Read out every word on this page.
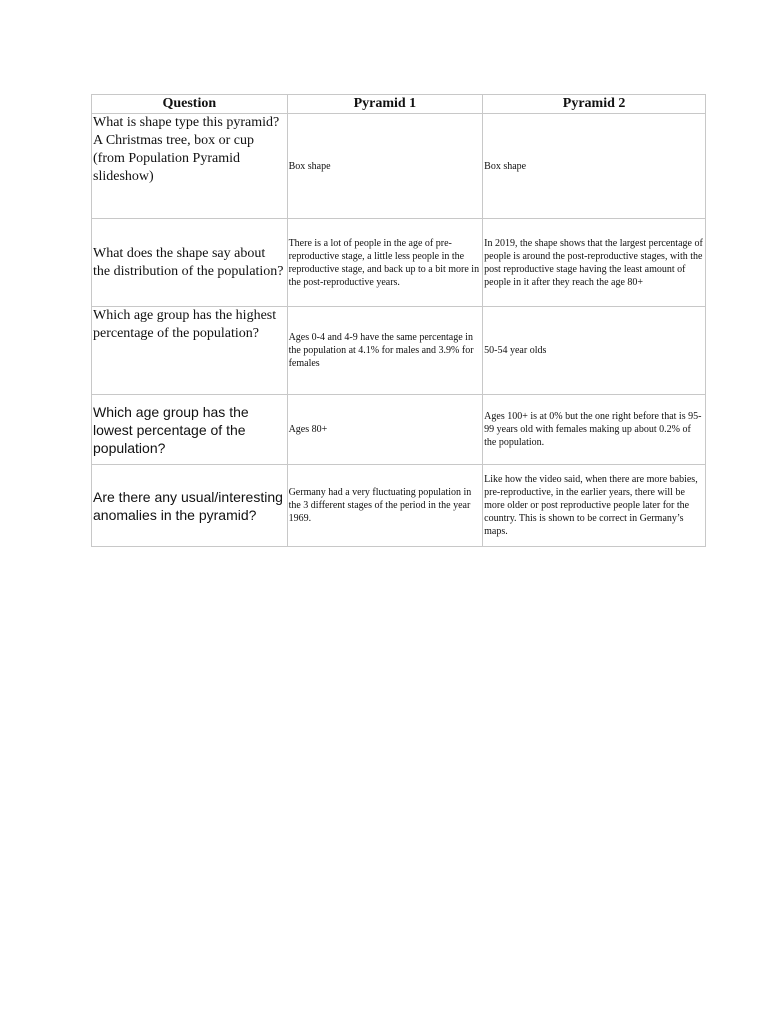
Question	Pyramid 1	Pyramid 2
What is shape type this pyramid? A Christmas tree, box or cup (from Population Pyramid slideshow)	Box shape	Box shape
What does the shape say about the distribution of the population?	There is a lot of people in the age of pre-reproductive stage, a little less people in the reproductive stage, and back up to a bit more in the post-reproductive years.	In 2019, the shape shows that the largest percentage of people is around the post-reproductive stages, with the post reproductive stage having the least amount of people in it after they reach the age 80+
Which age group has the highest percentage of the population?	Ages 0-4 and 4-9 have the same percentage in the population at 4.1% for males and 3.9% for females	50-54 year olds
Which age group has the lowest percentage of the population?	Ages 80+	Ages 100+ is at 0% but the one right before that is 95-99 years old with females making up about 0.2% of the population.
Are there any usual/interesting anomalies in the pyramid?	Germany had a very fluctuating population in the 3 different stages of the period in the year 1969.	Like how the video said, when there are more babies, pre-reproductive, in the earlier years, there will be more older or post reproductive people later for the country. This is shown to be correct in Germany’s maps.
